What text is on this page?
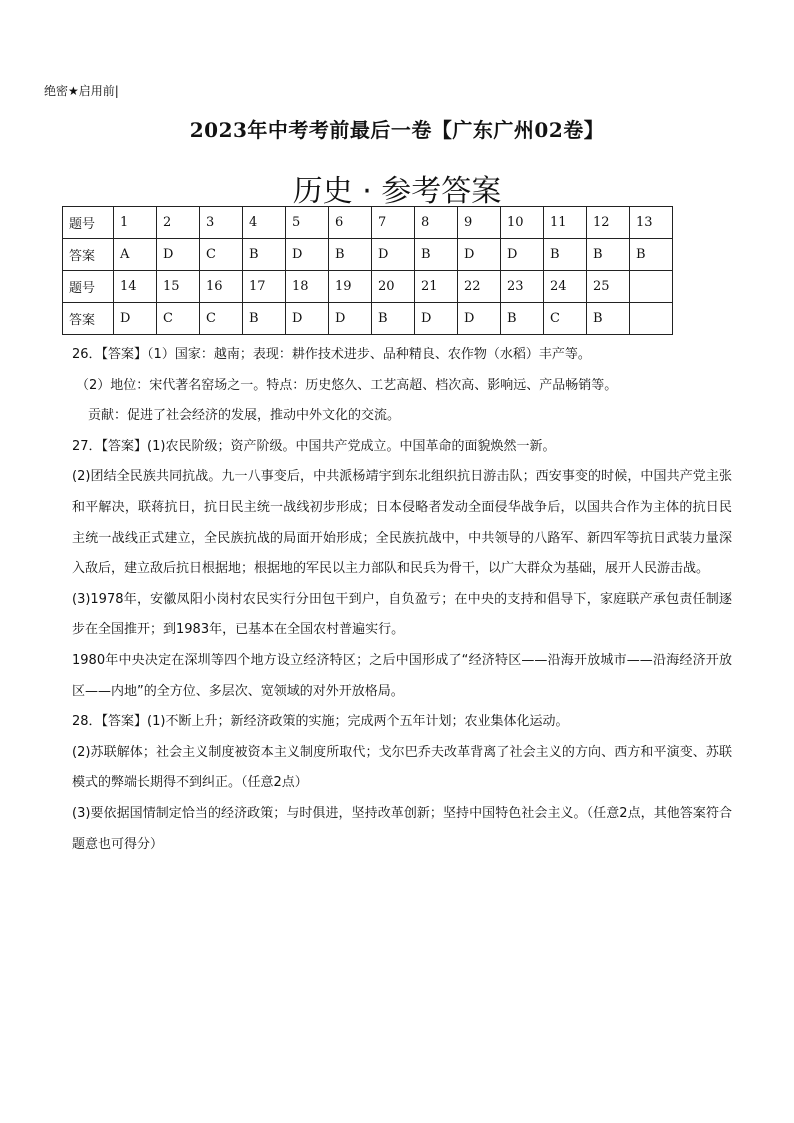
绝密★启用前|
2023年中考考前最后一卷【广东广州02卷】
历史 · 参考答案
题号	1	2	3	4	5	6	7	8	9	10	11	12	13
答案	A	D	C	B	D	B	D	B	D	D	B	B	B
题号	14	15	16	17	18	19	20	21	22	23	24	25	
答案	D	C	C	B	D	D	B	D	D	B	C	B	

26．【答案】（1）国家：越南；表现：耕作技术进步、品种精良、农作物（水稻）丰产等。

（2）地位：宋代著名窑场之一。特点：历史悠久、工艺高超、档次高、影响远、产品畅销等。

贡献：促进了社会经济的发展，推动中外文化的交流。

27．【答案】(1)农民阶级；资产阶级。中国共产党成立。中国革命的面貌焕然一新。

(2)团结全民族共同抗战。九一八事变后，中共派杨靖宇到东北组织抗日游击队；西安事变的时候，中国共产党主张和平解决，联蒋抗日，抗日民主统一战线初步形成；日本侵略者发动全面侵华战争后，以国共合作为主体的抗日民主统一战线正式建立，全民族抗战的局面开始形成；全民族抗战中，中共领导的八路军、新四军等抗日武装力量深入敌后，建立敌后抗日根据地；根据地的军民以主力部队和民兵为骨干，以广大群众为基础，展开人民游击战。

(3)1978年，安徽凤阳小岗村农民实行分田包干到户，自负盈亏；在中央的支持和倡导下，家庭联产承包责任制逐步在全国推开；到1983年，已基本在全国农村普遍实行。

1980年中央决定在深圳等四个地方设立经济特区；之后中国形成了“经济特区——沿海开放城市——沿海经济开放区——内地”的全方位、多层次、宽领域的对外开放格局。

28．【答案】(1)不断上升；新经济政策的实施；完成两个五年计划；农业集体化运动。

(2)苏联解体；社会主义制度被资本主义制度所取代；戈尔巴乔夫改革背离了社会主义的方向、西方和平演变、苏联模式的弊端长期得不到纠正。（任意2点）

(3)要依据国情制定恰当的经济政策；与时俱进，坚持改革创新；坚持中国特色社会主义。（任意2点，其他答案符合题意也可得分）
